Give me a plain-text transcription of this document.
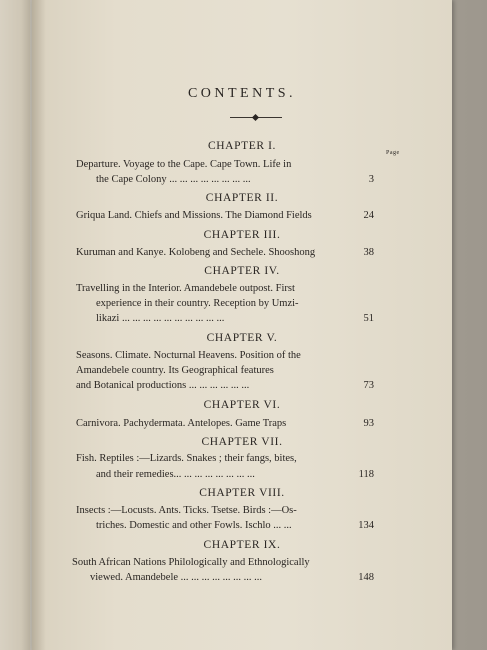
CONTENTS.
Page
CHAPTER I.
Departure. Voyage to the Cape. Cape Town. Life in
the Cape Colony ... ... ... ... ... ... ... ...	3
CHAPTER II.
Griqua Land. Chiefs and Missions. The Diamond Fields	24
CHAPTER III.
Kuruman and Kanye. Kolobeng and Sechele. Shooshong	38
CHAPTER IV.
Travelling in the Interior. Amandebele outpost. First
experience in their country. Reception by Umzi-
likazi ... ... ... ... ... ... ... ... ... ...	51
CHAPTER V.
Seasons. Climate. Nocturnal Heavens. Position of the
Amandebele country. Its Geographical features
and Botanical productions ... ... ... ... ... ...	73
CHAPTER VI.
Carnivora. Pachydermata. Antelopes. Game Traps	93
CHAPTER VII.
Fish. Reptiles :—Lizards. Snakes ; their fangs, bites,
and their remedies... ... ... ... ... ... ... ...	118
CHAPTER VIII.
Insects :—Locusts. Ants. Ticks. Tsetse. Birds :—Os-
triches. Domestic and other Fowls. Ischlo ... ...	134
CHAPTER IX.
South African Nations Philologically and Ethnologically
viewed. Amandebele ... ... ... ... ... ... ... ...	148
